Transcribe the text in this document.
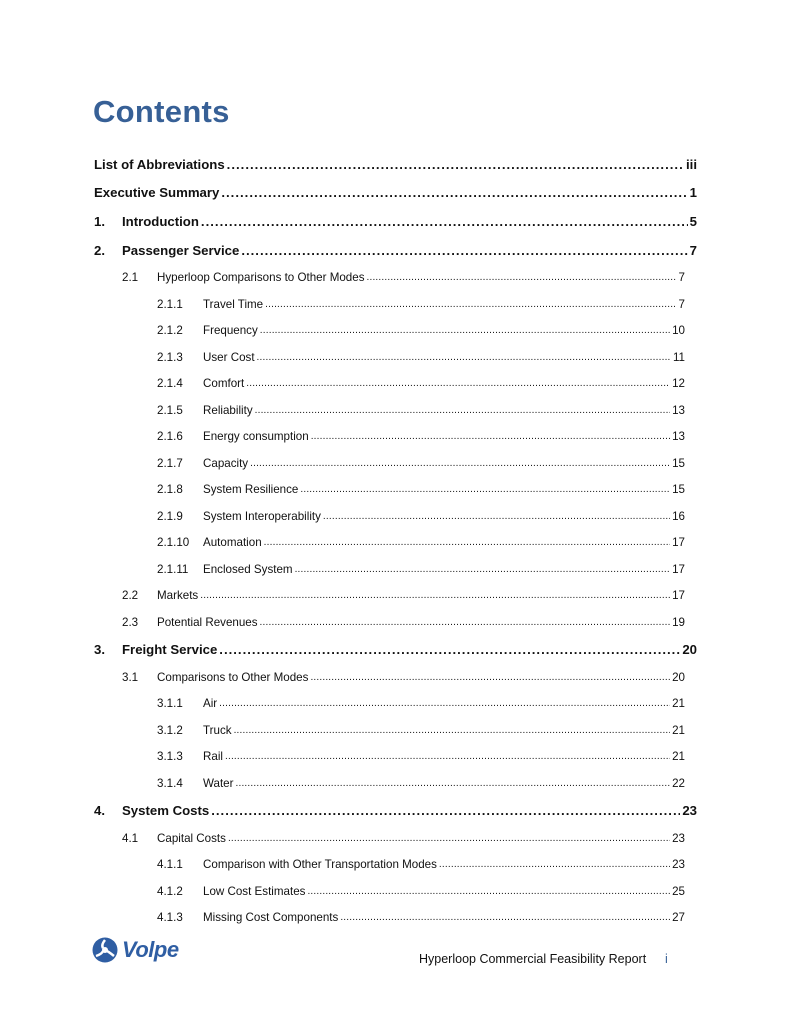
Contents
List of Abbreviations .....	iii
Executive Summary .....	1
1.	Introduction .....	5
2.	Passenger Service .....	7
2.1	Hyperloop Comparisons to Other Modes .....	7
2.1.1	Travel Time .....	7
2.1.2	Frequency .....	10
2.1.3	User Cost .....	11
2.1.4	Comfort .....	12
2.1.5	Reliability .....	13
2.1.6	Energy consumption .....	13
2.1.7	Capacity .....	15
2.1.8	System Resilience .....	15
2.1.9	System Interoperability .....	16
2.1.10	Automation .....	17
2.1.11	Enclosed System .....	17
2.2	Markets .....	17
2.3	Potential Revenues .....	19
3.	Freight Service .....	20
3.1	Comparisons to Other Modes .....	20
3.1.1	Air .....	21
3.1.2	Truck .....	21
3.1.3	Rail .....	21
3.1.4	Water .....	22
4.	System Costs .....	23
4.1	Capital Costs .....	23
4.1.1	Comparison with Other Transportation Modes .....	23
4.1.2	Low Cost Estimates .....	25
4.1.3	Missing Cost Components .....	27
Volpe	Hyperloop Commercial Feasibility Report i
